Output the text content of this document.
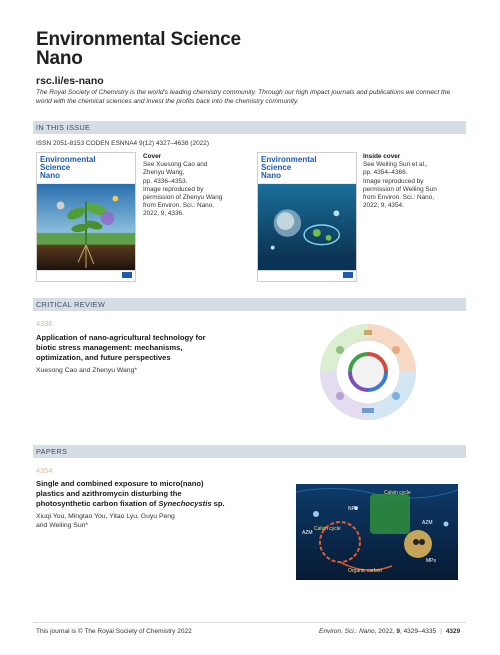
Environmental Science
Nano
rsc.li/es-nano
The Royal Society of Chemistry is the world's leading chemistry community. Through our high impact journals and publications we connect the world with the chemical sciences and invest the profits back into the chemistry community.
IN THIS ISSUE
ISSN 2051-8153 CODEN ESNNA4 9(12) 4327–4638 (2022)
Environmental
Science
Nano
Cover
See Xuesong Cao and
Zhenyu Wang,
pp. 4336–4353.
Image reproduced by
permission of Zhenyu Wang
from Environ. Sci.: Nano,
2022, 9, 4336.
Environmental
Science
Nano
Inside cover
See Weiling Sun et al.,
pp. 4354–4366.
Image reproduced by
permission of Weiling Sun
from Environ. Sci.: Nano,
2022, 9, 4354.
CRITICAL REVIEW
4336
Application of nano-agricultural technology for
biotic stress management: mechanisms,
optimization, and future perspectives
Xuesong Cao and Zhenyu Wang*
PAPERS
4354
Single and combined exposure to micro(nano)
plastics and azithromycin disturbing the
photosynthetic carbon fixation of Synechocystis sp.
Xiuqi You, Mingtao You, Yitao Lyu, Guyu Peng
and Weiling Sun*
Calvin cycle
Calvin cycle
NPs
AZM
AZM
MPs
Organic carbon
This journal is © The Royal Society of Chemistry 2022	Environ. Sci.: Nano, 2022, 9, 4329–4335 | 4329
